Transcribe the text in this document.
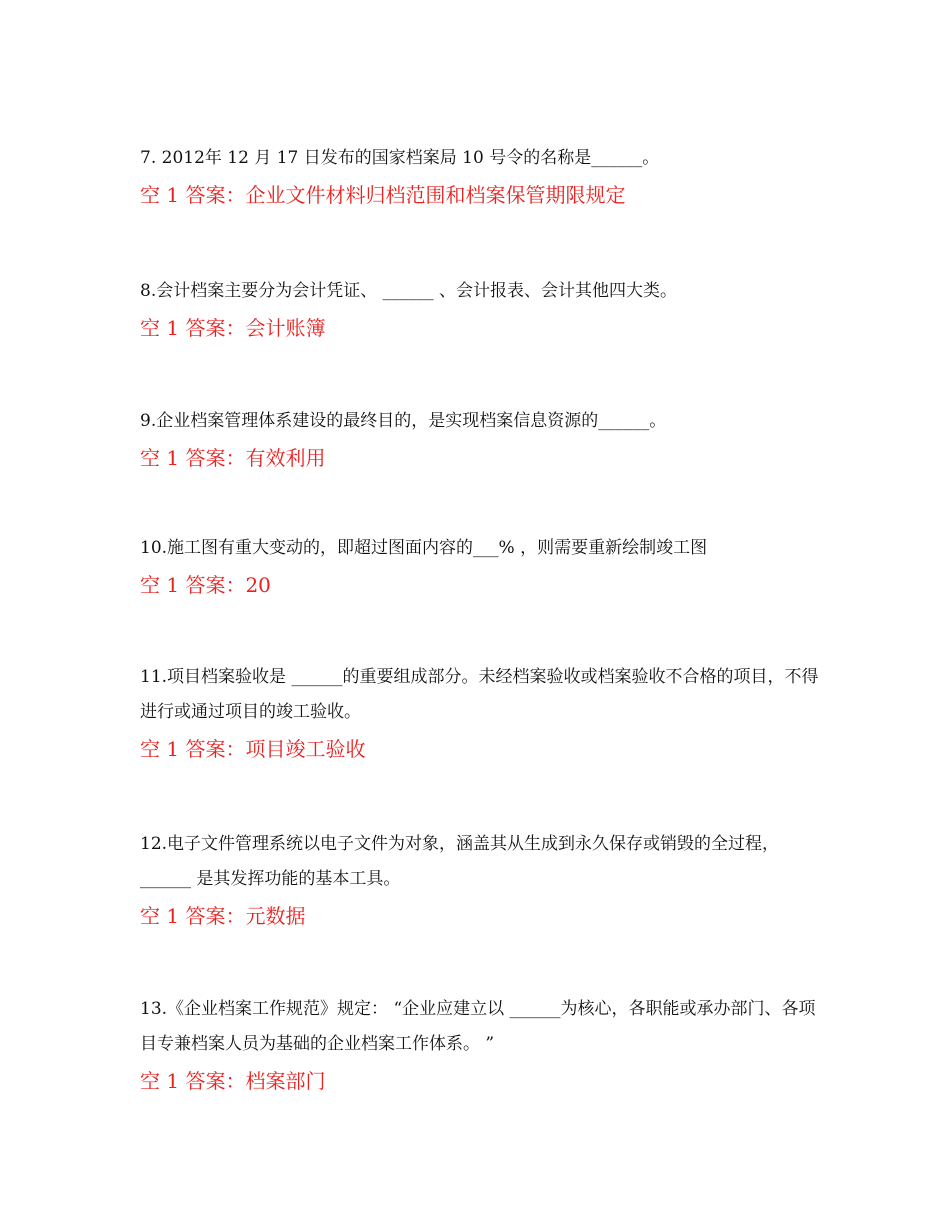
7. 2012年 12 月 17 日发布的国家档案局 10 号令的名称是______。

空 1 答案：企业文件材料归档范围和档案保管期限规定

8.会计档案主要分为会计凭证、 ______ 、会计报表、会计其他四大类。

空 1 答案：会计账簿

9.企业档案管理体系建设的最终目的，是实现档案信息资源的______。

空 1 答案：有效利用

10.施工图有重大变动的，即超过图面内容的___% ，则需要重新绘制竣工图

空 1 答案：20

11.项目档案验收是 ______的重要组成部分。未经档案验收或档案验收不合格的项目，不得进行或通过项目的竣工验收。

空 1 答案：项目竣工验收

12.电子文件管理系统以电子文件为对象，涵盖其从生成到永久保存或销毁的全过程，______ 是其发挥功能的基本工具。

空 1 答案：元数据

13.《企业档案工作规范》规定： “企业应建立以 ______为核心，各职能或承办部门、各项目专兼档案人员为基础的企业档案工作体系。 ”

空 1 答案：档案部门
